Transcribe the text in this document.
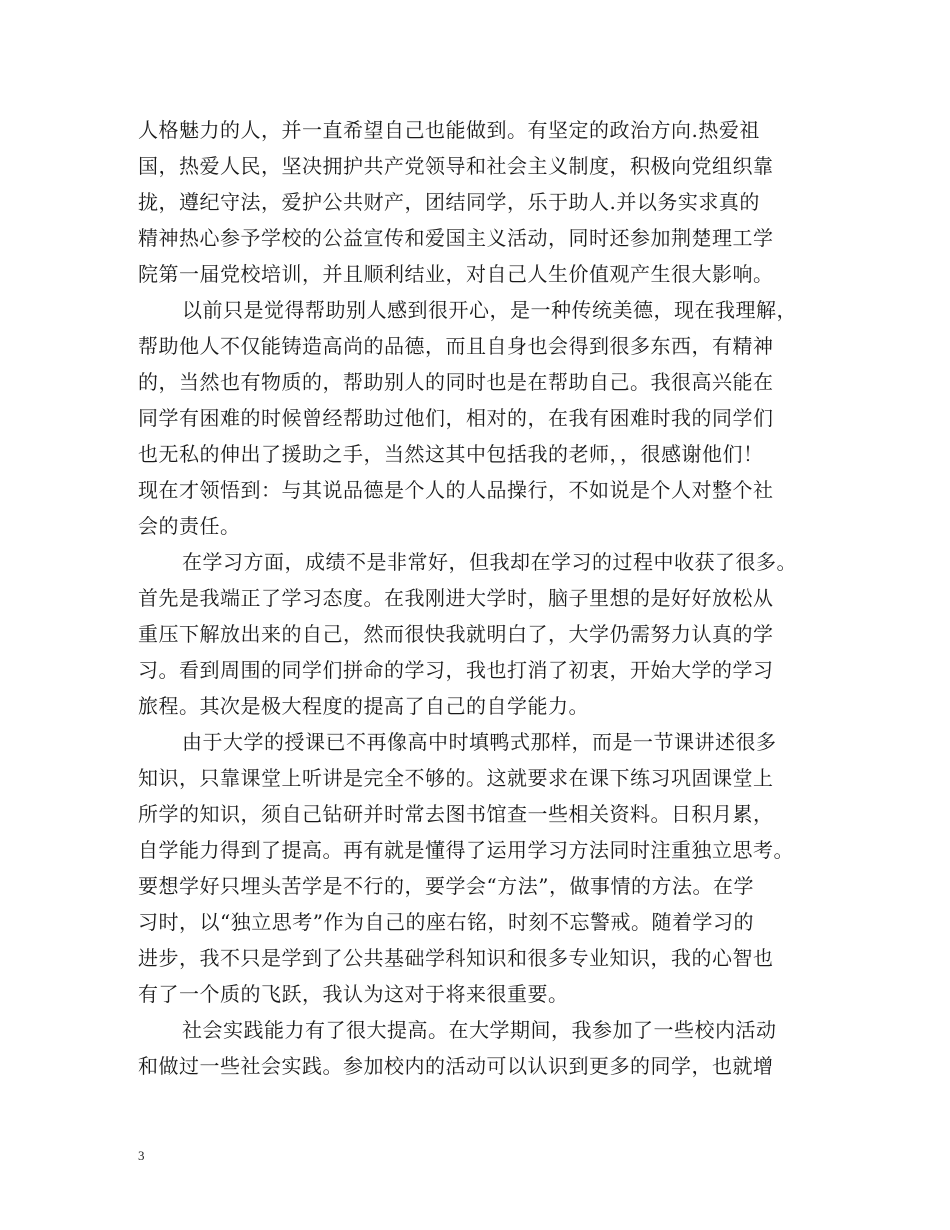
人格魅力的人，并一直希望自己也能做到。有坚定的政治方向.热爱祖
国，热爱人民，坚决拥护共产党领导和社会主义制度，积极向党组织靠
拢，遵纪守法，爱护公共财产，团结同学，乐于助人.并以务实求真的
精神热心参予学校的公益宣传和爱国主义活动，同时还参加荆楚理工学
院第一届党校培训，并且顺利结业，对自己人生价值观产生很大影响。
以前只是觉得帮助别人感到很开心，是一种传统美德，现在我理解，
帮助他人不仅能铸造高尚的品德，而且自身也会得到很多东西，有精神
的，当然也有物质的，帮助别人的同时也是在帮助自己。我很高兴能在
同学有困难的时候曾经帮助过他们，相对的，在我有困难时我的同学们
也无私的伸出了援助之手，当然这其中包括我的老师，，很感谢他们！
现在才领悟到：与其说品德是个人的人品操行，不如说是个人对整个社
会的责任。
在学习方面，成绩不是非常好，但我却在学习的过程中收获了很多。
首先是我端正了学习态度。在我刚进大学时，脑子里想的是好好放松从
重压下解放出来的自己，然而很快我就明白了，大学仍需努力认真的学
习。看到周围的同学们拼命的学习，我也打消了初衷，开始大学的学习
旅程。其次是极大程度的提高了自己的自学能力。
由于大学的授课已不再像高中时填鸭式那样，而是一节课讲述很多
知识，只靠课堂上听讲是完全不够的。这就要求在课下练习巩固课堂上
所学的知识，须自己钻研并时常去图书馆查一些相关资料。日积月累，
自学能力得到了提高。再有就是懂得了运用学习方法同时注重独立思考。
要想学好只埋头苦学是不行的，要学会“方法”，做事情的方法。在学
习时，以“独立思考”作为自己的座右铭，时刻不忘警戒。随着学习的
进步，我不只是学到了公共基础学科知识和很多专业知识，我的心智也
有了一个质的飞跃，我认为这对于将来很重要。
社会实践能力有了很大提高。在大学期间，我参加了一些校内活动
和做过一些社会实践。参加校内的活动可以认识到更多的同学，也就增
3
